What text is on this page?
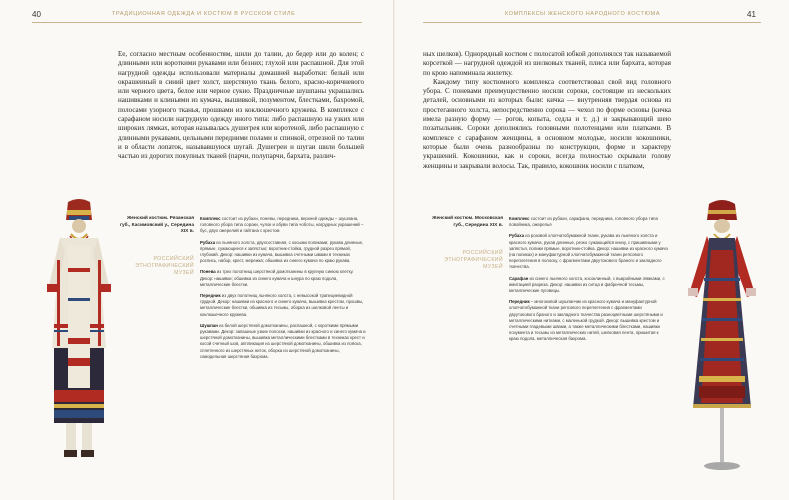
40	ТРАДИЦИОННАЯ ОДЕЖДА И КОСТЮМ В РУССКОМ СТИЛЕ

Ее, согласно местным особенностям, шили до талии, до бедер или до колен; с длинными или короткими рукавами или безних; глухой или распашной. Для этой нагрудной одежды использовали материалы домашней выработки: белый или окрашенный в синий цвет холст, шерстяную ткань белого, красно-коричневого или черного цвета, белое или черное сукно. Праздничные шушпаны украшались нашивками и клиньями из кумача, вышивкой, позументом, блестками, бахромой, полосами узорного тканья, прошвами из коклюшечного кружева. В комплексе с сарафаном носили нагрудную одежду иного типа: либо распашную на узких или широких лямках, которая называлась душегрея или коротеной, либо распашную с длинными рукавами, цельными передними полами и спинкой, отрезной по талии и в области лопаток, называвшуюся шугай. Душегреи и шугаи шили большей частью из дорогих покупных тканей (парчи, полупарчи, бархата, различ-

Женский костюм. Рязанская губ., Касимовский у., Середина XIX в.
РОССИЙСКИЙ ЭТНОГРАФИЧЕСКИЙ МУЗЕЙ

Комплекс состоит из рубахи, поневы, передника, верхней одежды – шушпана, головного убора типа сороки, чулок и обуви типа чоботы, нагрудных украшений – бус, двух ожерелий и гайтана с крестом

Рубаха из льняного холста, двухсоставная, с косыми поликами; рукава длинные, прямые, сужающиеся к запястью; воротник-стойка, грудной разрез прямой, глубокий. Декор: нашивки из кумача, вышивка счетными швами в техниках роспись, набор, крест, мережка; обшивка из синего кумача по краю рукава.

Понева из трех полотнищ шерстяной домотканины в крупную синюю клетку. Декор: нашивки; обшивка из синего кумача и шнура по краю подола, металлические блестки.

Передник из двух полотнищ льняного холста, с невысокой трапециевидной грудкой. Декор: нашивки из красного и синего кумача, вышивка крестом, прошвы, металлические блестки, обшивка из тесьмы, оборка из шелковой ленты и коклюшечного кружева.

Шушпан из белой шерстяной домотканины, распашной, с короткими прямыми рукавами. Декор: запашные узкие полоски, нашивки из красного и синего кумача и шерстяной домотканины, вышивка металлическими блестками в техниках крест и косой счетный шов, аппликация из шерстяной домотканины, обшивка из пояска, сплетенного из шерстяных ниток, оборка из шерстяной домотканины, самодельная шерстяная бахрома.

КОМПЛЕКСЫ ЖЕНСКОГО НАРОДНОГО КОСТЮМА	41

ных шелков). Однорядный костюм с полосатой юбкой дополнялся так называемой корсеткой — нагрудной одеждой из шелковых тканей, плиса или бархата, которая по крою напоминала жилетку.

Каждому типу костюмного комплекса соответствовал свой вид головного убора. С поневами преимущественно носили сороки, состоящие из нескольких деталей, основными из которых были: кичка — внутренняя твердая основа из простеганного холста, непосредственно сорока — чехол по форме основы (кичка имела разную форму — рогов, копыта, седла и т. д.) и закрывающий шею позатыльник. Сороки дополнялись головными полотенцами или платками. В комплексе с сарафаном женщины, в основном молодые, носили кокошники, которые были очень разнообразны по конструкции, форме и характеру украшений. Кокошники, как и сороки, всегда полностью скрывали голову женщины и закрывали волосы. Так, правило, кокошник носили с платком,

Женский костюм. Московская губ., Середина XIX в.
РОССИЙСКИЙ ЭТНОГРАФИЧЕСКИЙ МУЗЕЙ

Комплекс состоит из рубахи, сарафана, передника, головного убора типа повойника, ожерелья

Рубаха из розовой хлопчатобумажной ткани, рукава из льняного холста и красного кумача, рукав длинные, резко сужающийся книзу, с пришивными у запястья, полики прямые, воротник-стойка. Декор: нашивки из красного кумача (на поликах) и мануфактурной хлопчатобумажной ткани репсового переплетения в полоску, с фрагментами двуутокового браного и закладного ткачества.

Сарафан из синего льняного холста, косоклинный, с выкройными лямками, с имитацией разреза. Декор: нашивки из ситца и фабричной тесьмы, металлические пуговицы.

Передник – многоковой шушпанчик из красного кумача и мануфактурной хлопчатобумажной ткани репсового переплетения с фрагментами двуутокового браного и закладного ткачества разноцветными шерстяными и металлическими нитками, с маленькой грудкой. Декор: вышивка крестом и счетными гладевыми швами, а также металлическими блестками, нашивки позумента и тесьмы из металлических нитей, шелковая лента, пришитая к краю подола, металлическая бахрома.
